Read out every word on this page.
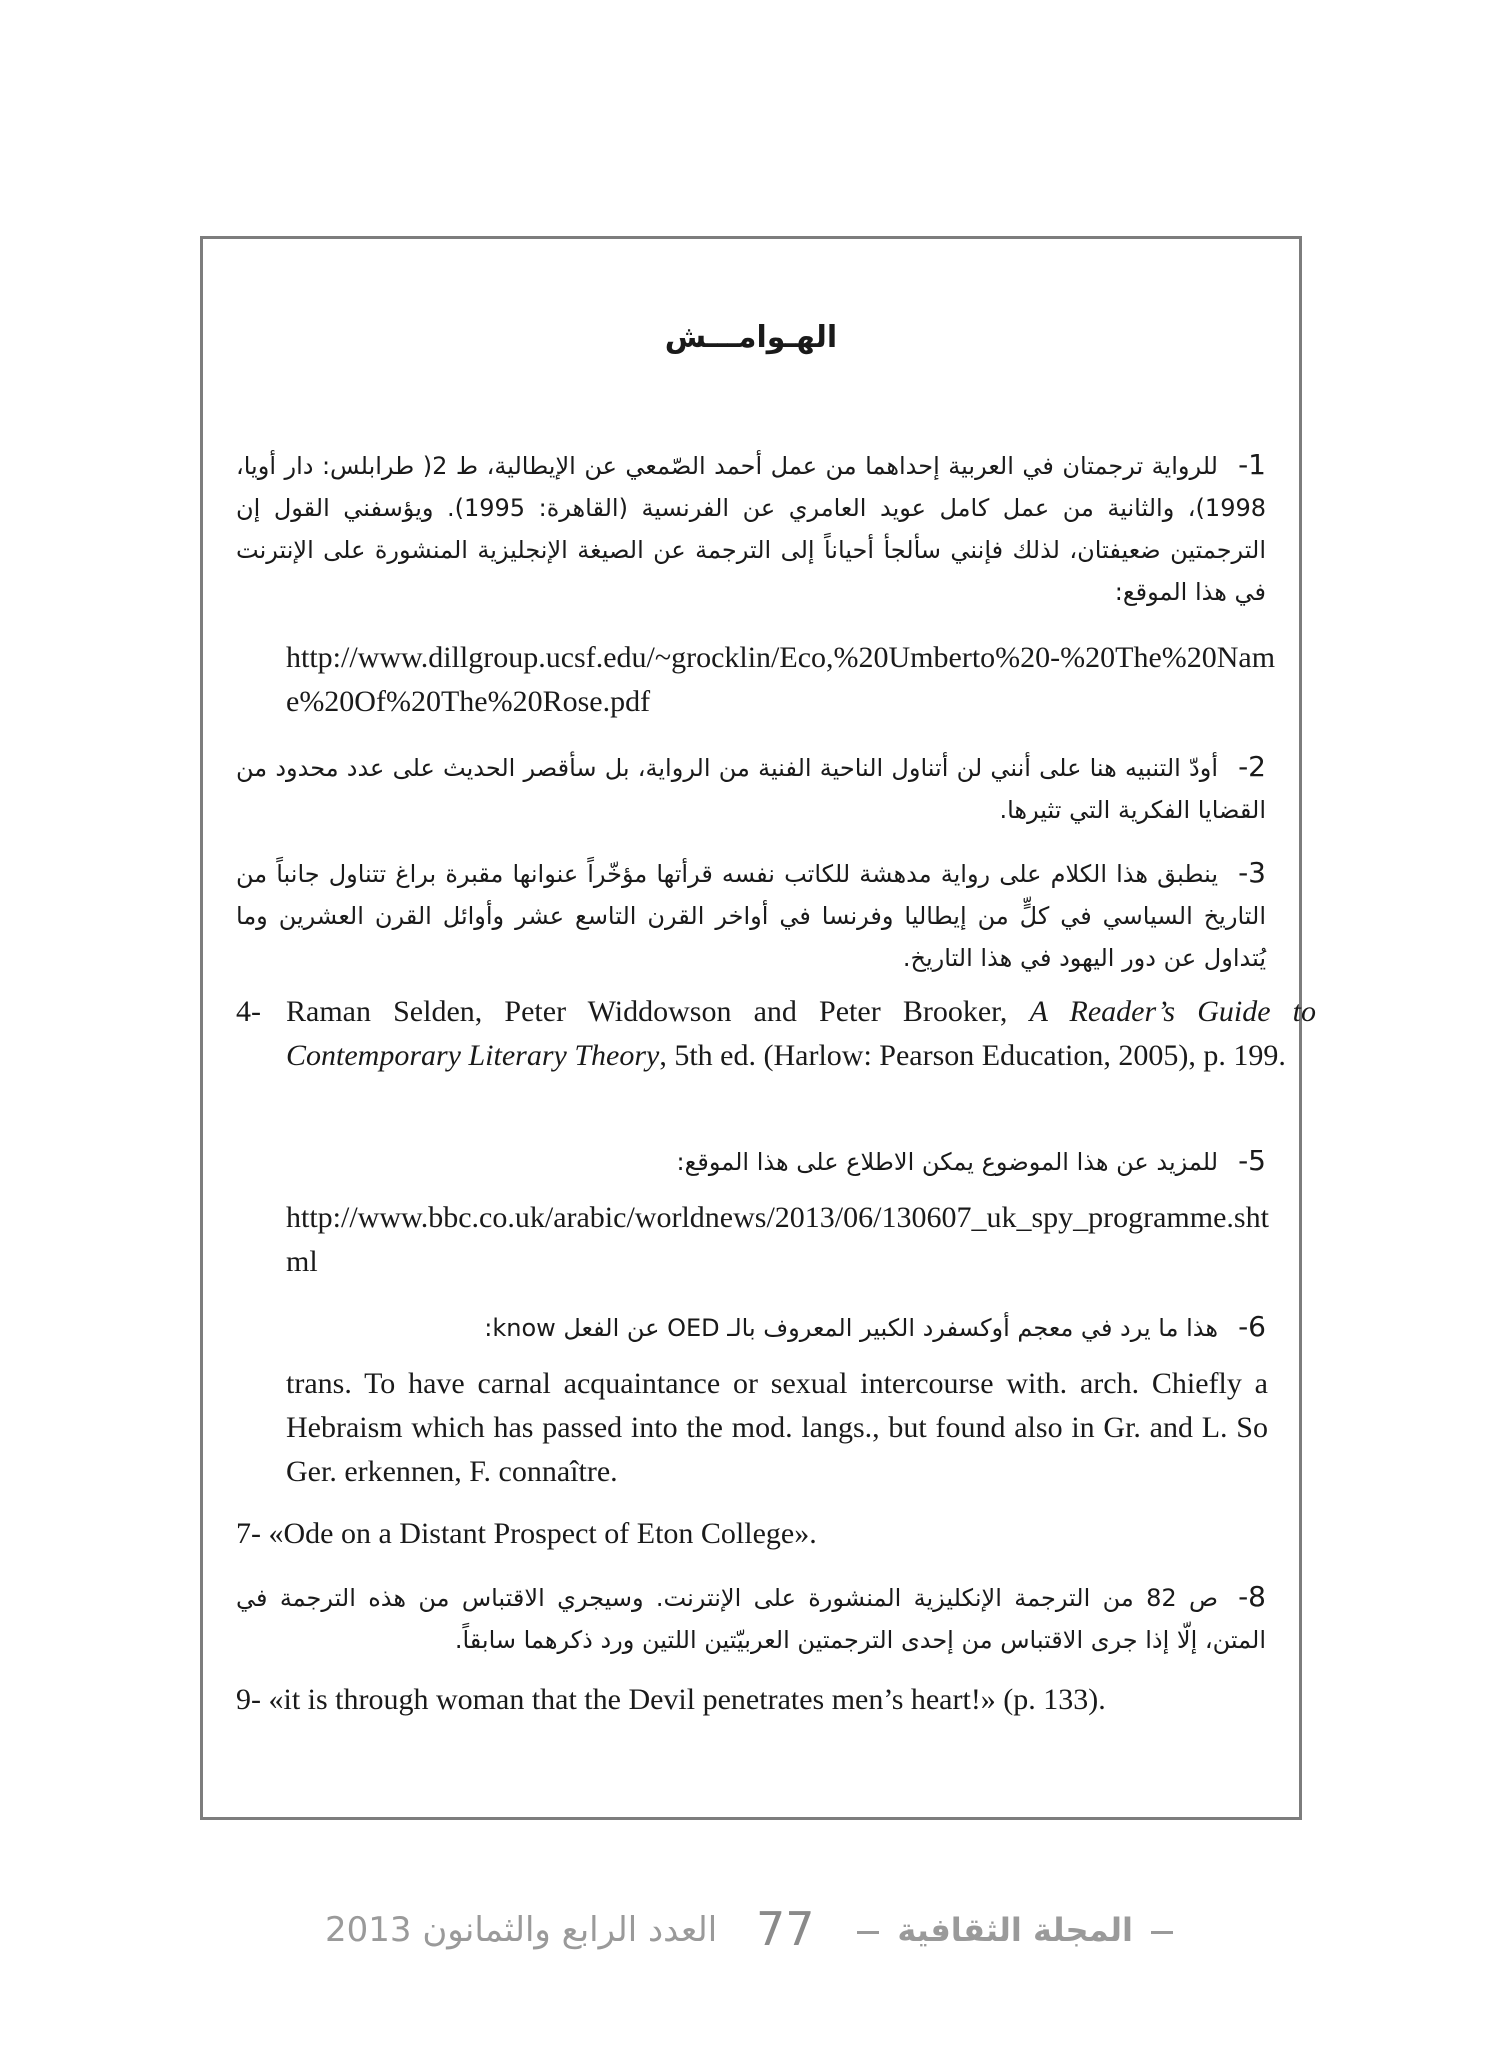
الهـوامـــش
1-للرواية ترجمتان في العربية إحداهما من عمل أحمد الصّمعي عن الإيطالية، ط 2( طرابلس: دار أويا، 1998)، والثانية من عمل كامل عويد العامري عن الفرنسية (القاهرة: 1995). ويؤسفني القول إن الترجمتين ضعيفتان، لذلك فإنني سألجأ أحياناً إلى الترجمة عن الصيغة الإنجليزية المنشورة على الإنترنت في هذا الموقع:
http://www.dillgroup.ucsf.edu/~grocklin/Eco,%20Umberto%20-%20The%20Name%20Of%20The%20Rose.pdf
2-أودّ التنبيه هنا على أنني لن أتناول الناحية الفنية من الرواية، بل سأقصر الحديث على عدد محدود من القضايا الفكرية التي تثيرها.
3-ينطبق هذا الكلام على رواية مدهشة للكاتب نفسه قرأتها مؤخّراً عنوانها مقبرة براغ تتناول جانباً من التاريخ السياسي في كلٍّ من إيطاليا وفرنسا في أواخر القرن التاسع عشر وأوائل القرن العشرين وما يُتداول عن دور اليهود في هذا التاريخ.
4- Raman Selden, Peter Widdowson and Peter Brooker, A Reader’s Guide to Contemporary Literary Theory, 5th ed. (Harlow: Pearson Education, 2005), p. 199.
5-للمزيد عن هذا الموضوع يمكن الاطلاع على هذا الموقع:
http://www.bbc.co.uk/arabic/worldnews/2013/06/130607_uk_spy_programme.shtml
6-هذا ما يرد في معجم أوكسفرد الكبير المعروف بالـ OED عن الفعل know:
trans. To have carnal acquaintance or sexual intercourse with. arch. Chiefly a Hebraism which has passed into the mod. langs., but found also in Gr. and L. So Ger. erkennen, F. connaître.
7- «Ode on a Distant Prospect of Eton College».
8-ص 82 من الترجمة الإنكليزية المنشورة على الإنترنت. وسيجري الاقتباس من هذه الترجمة في المتن، إلّا إذا جرى الاقتباس من إحدى الترجمتين العربيّتين اللتين ورد ذكرهما سابقاً.
9- «it is through woman that the Devil penetrates men’s heart!» (p. 133).
المجلة الثقافية 77 العدد الرابع والثمانون 2013
